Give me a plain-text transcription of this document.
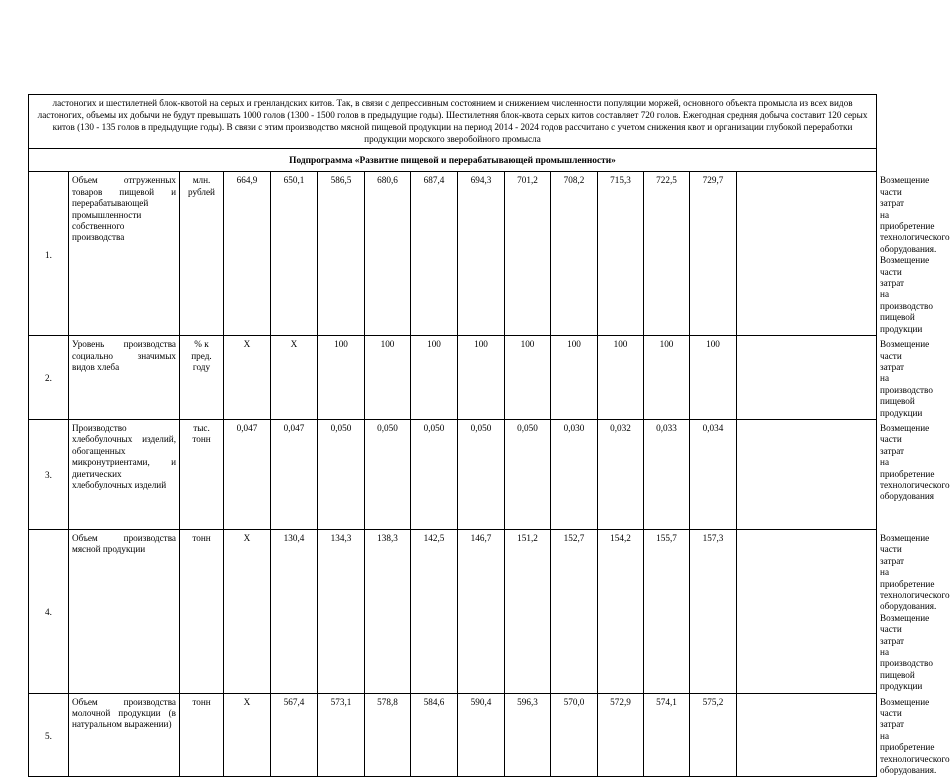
ластоногих и шестилетней блок-квотой на серых и гренландских китов. Так, в связи с депрессивным состоянием и снижением численности популяции моржей, основного объекта промысла из всех видов ластоногих, объемы их добычи не будут превышать 1000 голов (1300 - 1500 голов в предыдущие годы). Шестилетняя блок-квота серых китов составляет 720 голов. Ежегодная средняя добыча составит 120 серых китов (130 - 135 голов в предыдущие годы). В связи с этим производство мясной пищевой продукции на период 2014 - 2024 годов рассчитано с учетом снижения квот и организации глубокой переработки продукции морского зверобойного промысла															
Подпрограмма «Развитие пищевой и перерабатывающей промышленности»															
1.	Объем отгруженных товаров пищевой и перерабатывающей промышленности собственного производства	млн. рублей	664,9	650,1	586,5	680,6	687,4	694,3	701,2	708,2	715,3	722,5	729,7		Возмещение части затрат на приобретение технологического оборудования. Возмещение части затрат на производство пищевой продукции
2.	Уровень производства социально значимых видов хлеба	% к пред. году	Х	Х	100	100	100	100	100	100	100	100	100		Возмещение части затрат на производство пищевой продукции
3.	Производство хлебобулочных изделий, обогащенных микронутриентами, и диетических хлебобулочных изделий	тыс. тонн	0,047	0,047	0,050	0,050	0,050	0,050	0,050	0,030	0,032	0,033	0,034		Возмещение части затрат на приобретение технологического оборудования
4.	Объем производства мясной продукции	тонн	Х	130,4	134,3	138,3	142,5	146,7	151,2	152,7	154,2	155,7	157,3		Возмещение части затрат на приобретение технологического оборудования. Возмещение части затрат на производство пищевой продукции
5.	Объем производства молочной продукции (в натуральном выражении)	тонн	Х	567,4	573,1	578,8	584,6	590,4	596,3	570,0	572,9	574,1	575,2		Возмещение части затрат на приобретение технологического оборудования.
